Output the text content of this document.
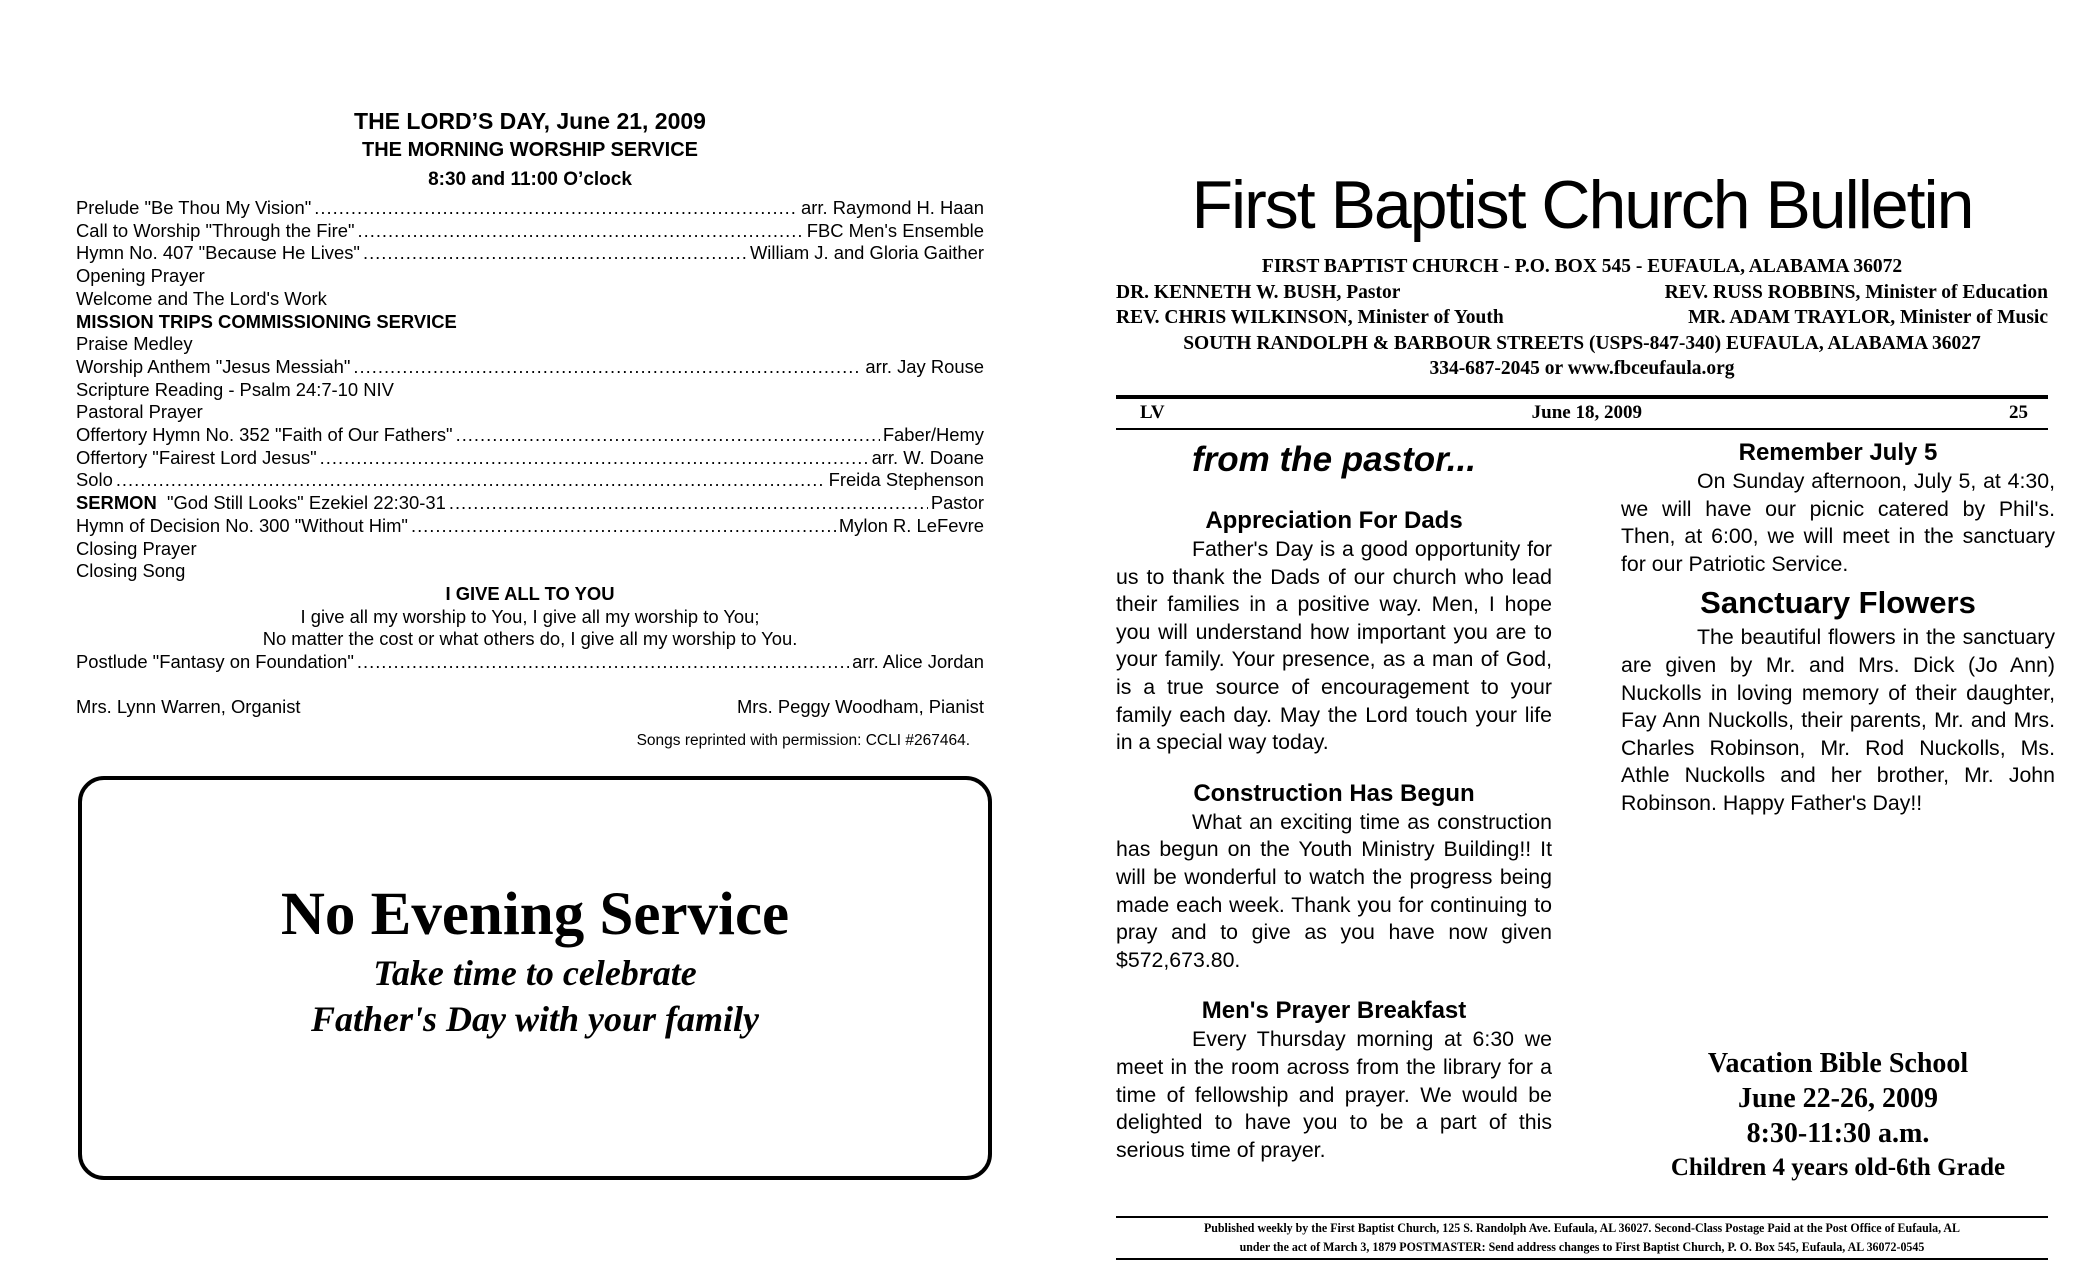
THE LORD’S DAY, June 21, 2009
THE MORNING WORSHIP SERVICE
8:30 and 11:00 O’clock
Prelude "Be Thou My Vision" .....	arr. Raymond H. Haan
Call to Worship "Through the Fire" .....	FBC Men's Ensemble
Hymn No. 407 "Because He Lives" .....	William J. and Gloria Gaither
Opening Prayer
Welcome and The Lord's Work
MISSION TRIPS COMMISSIONING SERVICE
Praise Medley
Worship Anthem "Jesus Messiah" .....	arr. Jay Rouse
Scripture Reading - Psalm 24:7-10 NIV
Pastoral Prayer
Offertory Hymn No. 352 "Faith of Our Fathers" .....	Faber/Hemy
Offertory "Fairest Lord Jesus" .....	arr. W. Doane
Solo .....	Freida Stephenson
SERMON "God Still Looks" Ezekiel 22:30-31 .....	Pastor
Hymn of Decision No. 300 "Without Him" .....	Mylon R. LeFevre
Closing Prayer
Closing Song
I GIVE ALL TO YOU
I give all my worship to You, I give all my worship to You;
No matter the cost or what others do, I give all my worship to You.
Postlude "Fantasy on Foundation" .....	arr. Alice Jordan
Mrs. Lynn Warren, Organist	Mrs. Peggy Woodham, Pianist
Songs reprinted with permission: CCLI #267464.
No Evening Service
Take time to celebrate
Father's Day with your family
First Baptist Church Bulletin
FIRST BAPTIST CHURCH - P.O. BOX 545 - EUFAULA, ALABAMA 36072
DR. KENNETH W. BUSH, Pastor	REV. RUSS ROBBINS, Minister of Education
REV. CHRIS WILKINSON, Minister of Youth	MR. ADAM TRAYLOR, Minister of Music
SOUTH RANDOLPH & BARBOUR STREETS (USPS-847-340) EUFAULA, ALABAMA 36027
334-687-2045 or www.fbceufaula.org
LV	June 18, 2009	25
from the pastor...
Appreciation For Dads

Father's Day is a good opportunity for us to thank the Dads of our church who lead their families in a positive way. Men, I hope you will understand how important you are to your family. Your presence, as a man of God, is a true source of encouragement to your family each day. May the Lord touch your life in a special way today.

Construction Has Begun

What an exciting time as construction has begun on the Youth Ministry Building!! It will be wonderful to watch the progress being made each week. Thank you for continuing to pray and to give as you have now given $572,673.80.

Men's Prayer Breakfast

Every Thursday morning at 6:30 we meet in the room across from the library for a time of fellowship and prayer. We would be delighted to have you to be a part of this serious time of prayer.

Remember July 5

On Sunday afternoon, July 5, at 4:30, we will have our picnic catered by Phil's. Then, at 6:00, we will meet in the sanctuary for our Patriotic Service.

Sanctuary Flowers

The beautiful flowers in the sanctuary are given by Mr. and Mrs. Dick (Jo Ann) Nuckolls in loving memory of their daughter, Fay Ann Nuckolls, their parents, Mr. and Mrs. Charles Robinson, Mr. Rod Nuckolls, Ms. Athle Nuckolls and her brother, Mr. John Robinson. Happy Father's Day!!

Vacation Bible School
June 22-26, 2009
8:30-11:30 a.m.
Children 4 years old-6th Grade
Published weekly by the First Baptist Church, 125 S. Randolph Ave. Eufaula, AL 36027. Second-Class Postage Paid at the Post Office of Eufaula, AL
under the act of March 3, 1879 POSTMASTER: Send address changes to First Baptist Church, P. O. Box 545, Eufaula, AL 36072-0545
